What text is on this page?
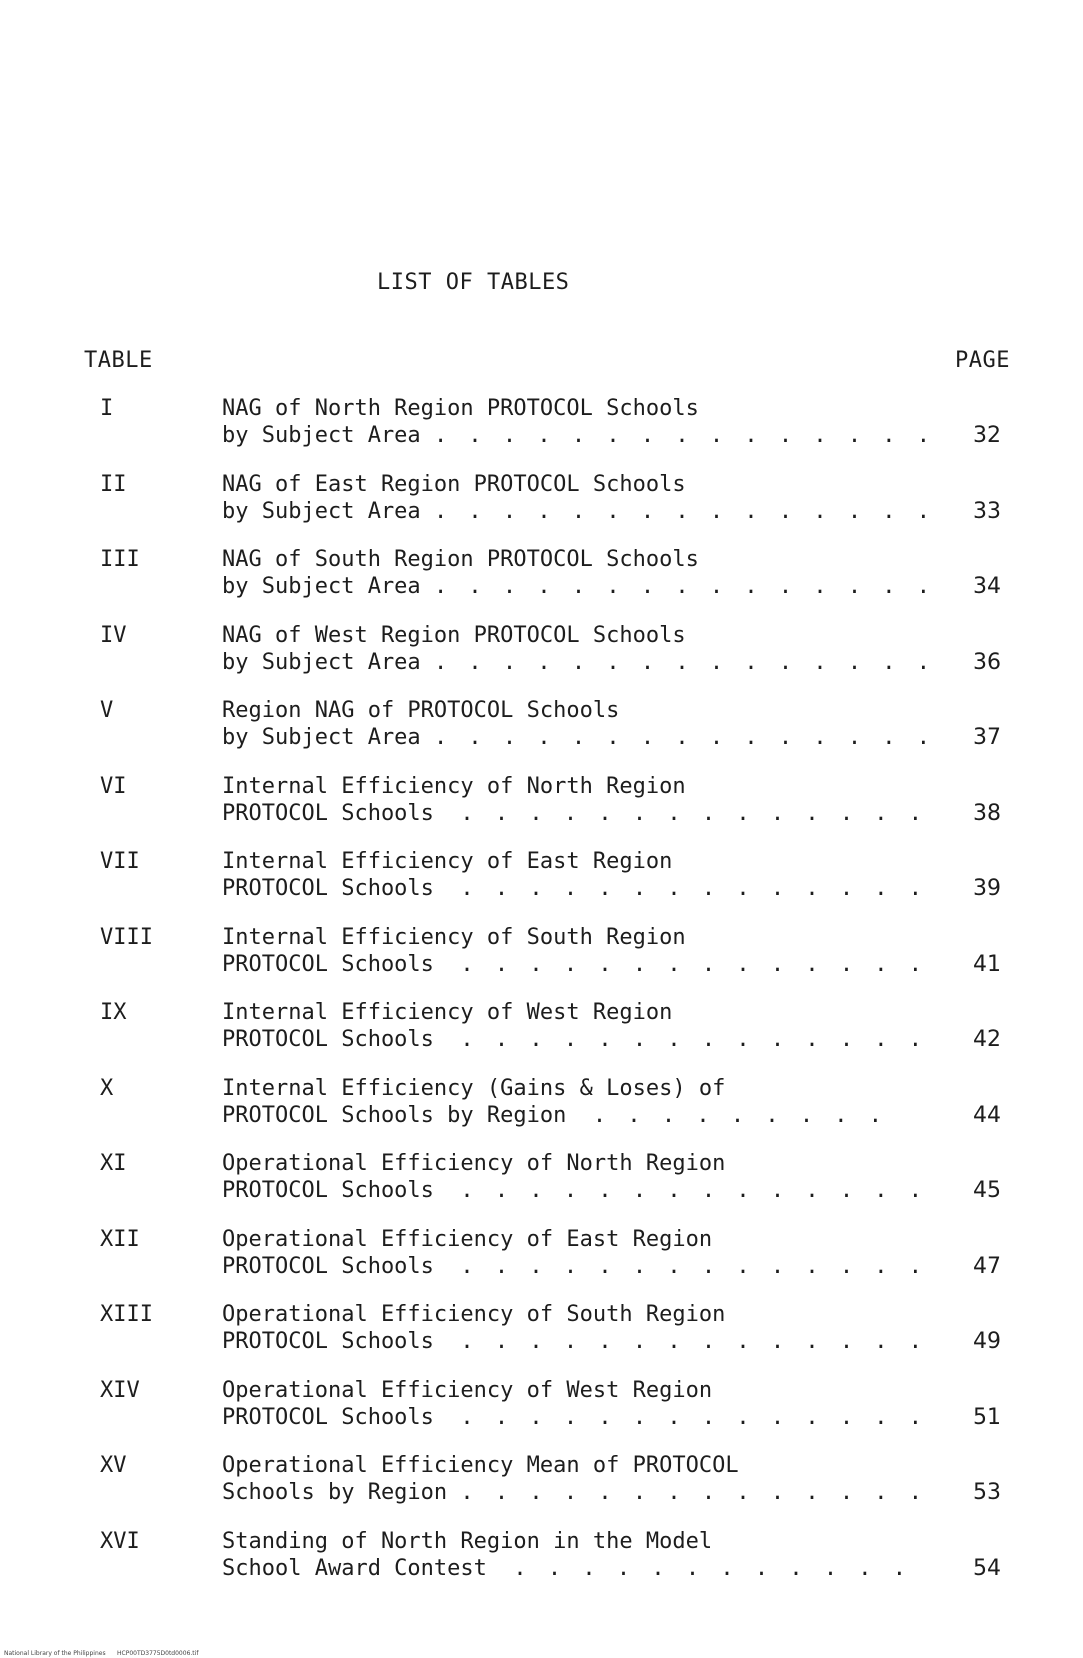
LIST OF TABLES
TABLE	PAGE
I	NAG of North Region PROTOCOL Schools
by Subject Area . . . . . . . . . . . . . . .	32
II	NAG of East Region PROTOCOL Schools
by Subject Area . . . . . . . . . . . . . . .	33
III	NAG of South Region PROTOCOL Schools
by Subject Area . . . . . . . . . . . . . . .	34
IV	NAG of West Region PROTOCOL Schools
by Subject Area . . . . . . . . . . . . . . .	36
V	Region NAG of PROTOCOL Schools
by Subject Area . . . . . . . . . . . . . . .	37
VI	Internal Efficiency of North Region
PROTOCOL Schools . . . . . . . . . . . . . .	38
VII	Internal Efficiency of East Region
PROTOCOL Schools . . . . . . . . . . . . . .	39
VIII	Internal Efficiency of South Region
PROTOCOL Schools . . . . . . . . . . . . . .	41
IX	Internal Efficiency of West Region
PROTOCOL Schools . . . . . . . . . . . . . .	42
X	Internal Efficiency (Gains & Loses) of
PROTOCOL Schools by Region . . . . . . . . .	44
XI	Operational Efficiency of North Region
PROTOCOL Schools . . . . . . . . . . . . . .	45
XII	Operational Efficiency of East Region
PROTOCOL Schools . . . . . . . . . . . . . .	47
XIII	Operational Efficiency of South Region
PROTOCOL Schools . . . . . . . . . . . . . .	49
XIV	Operational Efficiency of West Region
PROTOCOL Schools . . . . . . . . . . . . . .	51
XV	Operational Efficiency Mean of PROTOCOL
Schools by Region . . . . . . . . . . . . . .	53
XVI	Standing of North Region in the Model
School Award Contest . . . . . . . . . . . .	54
National Library of the Philippines      HCP00TD3775D0td0006.tif
